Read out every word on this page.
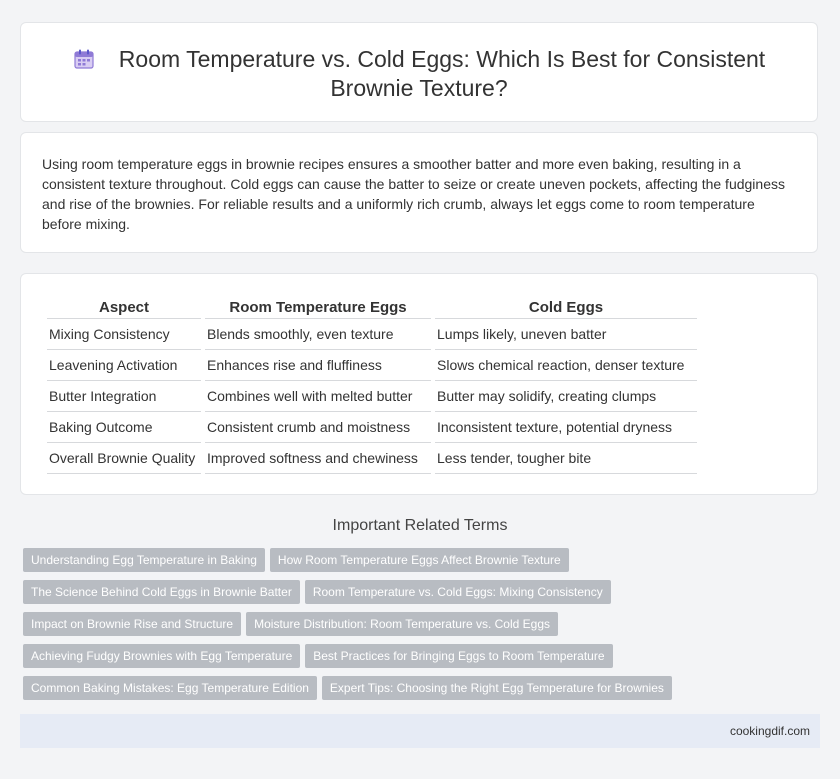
Room Temperature vs. Cold Eggs: Which Is Best for Consistent
Brownie Texture?
Using room temperature eggs in brownie recipes ensures a smoother batter and more even baking, resulting in a consistent texture throughout. Cold eggs can cause the batter to seize or create uneven pockets, affecting the fudginess and rise of the brownies. For reliable results and a uniformly rich crumb, always let eggs come to room temperature before mixing.
Aspect	Room Temperature Eggs	Cold Eggs
Mixing Consistency	Blends smoothly, even texture	Lumps likely, uneven batter
Leavening Activation	Enhances rise and fluffiness	Slows chemical reaction, denser texture
Butter Integration	Combines well with melted butter	Butter may solidify, creating clumps
Baking Outcome	Consistent crumb and moistness	Inconsistent texture, potential dryness
Overall Brownie Quality	Improved softness and chewiness	Less tender, tougher bite
Important Related Terms
Understanding Egg Temperature in Baking How Room Temperature Eggs Affect Brownie Texture
The Science Behind Cold Eggs in Brownie Batter Room Temperature vs. Cold Eggs: Mixing Consistency
Impact on Brownie Rise and Structure Moisture Distribution: Room Temperature vs. Cold Eggs
Achieving Fudgy Brownies with Egg Temperature Best Practices for Bringing Eggs to Room Temperature
Common Baking Mistakes: Egg Temperature Edition Expert Tips: Choosing the Right Egg Temperature for Brownies
cookingdif.com
